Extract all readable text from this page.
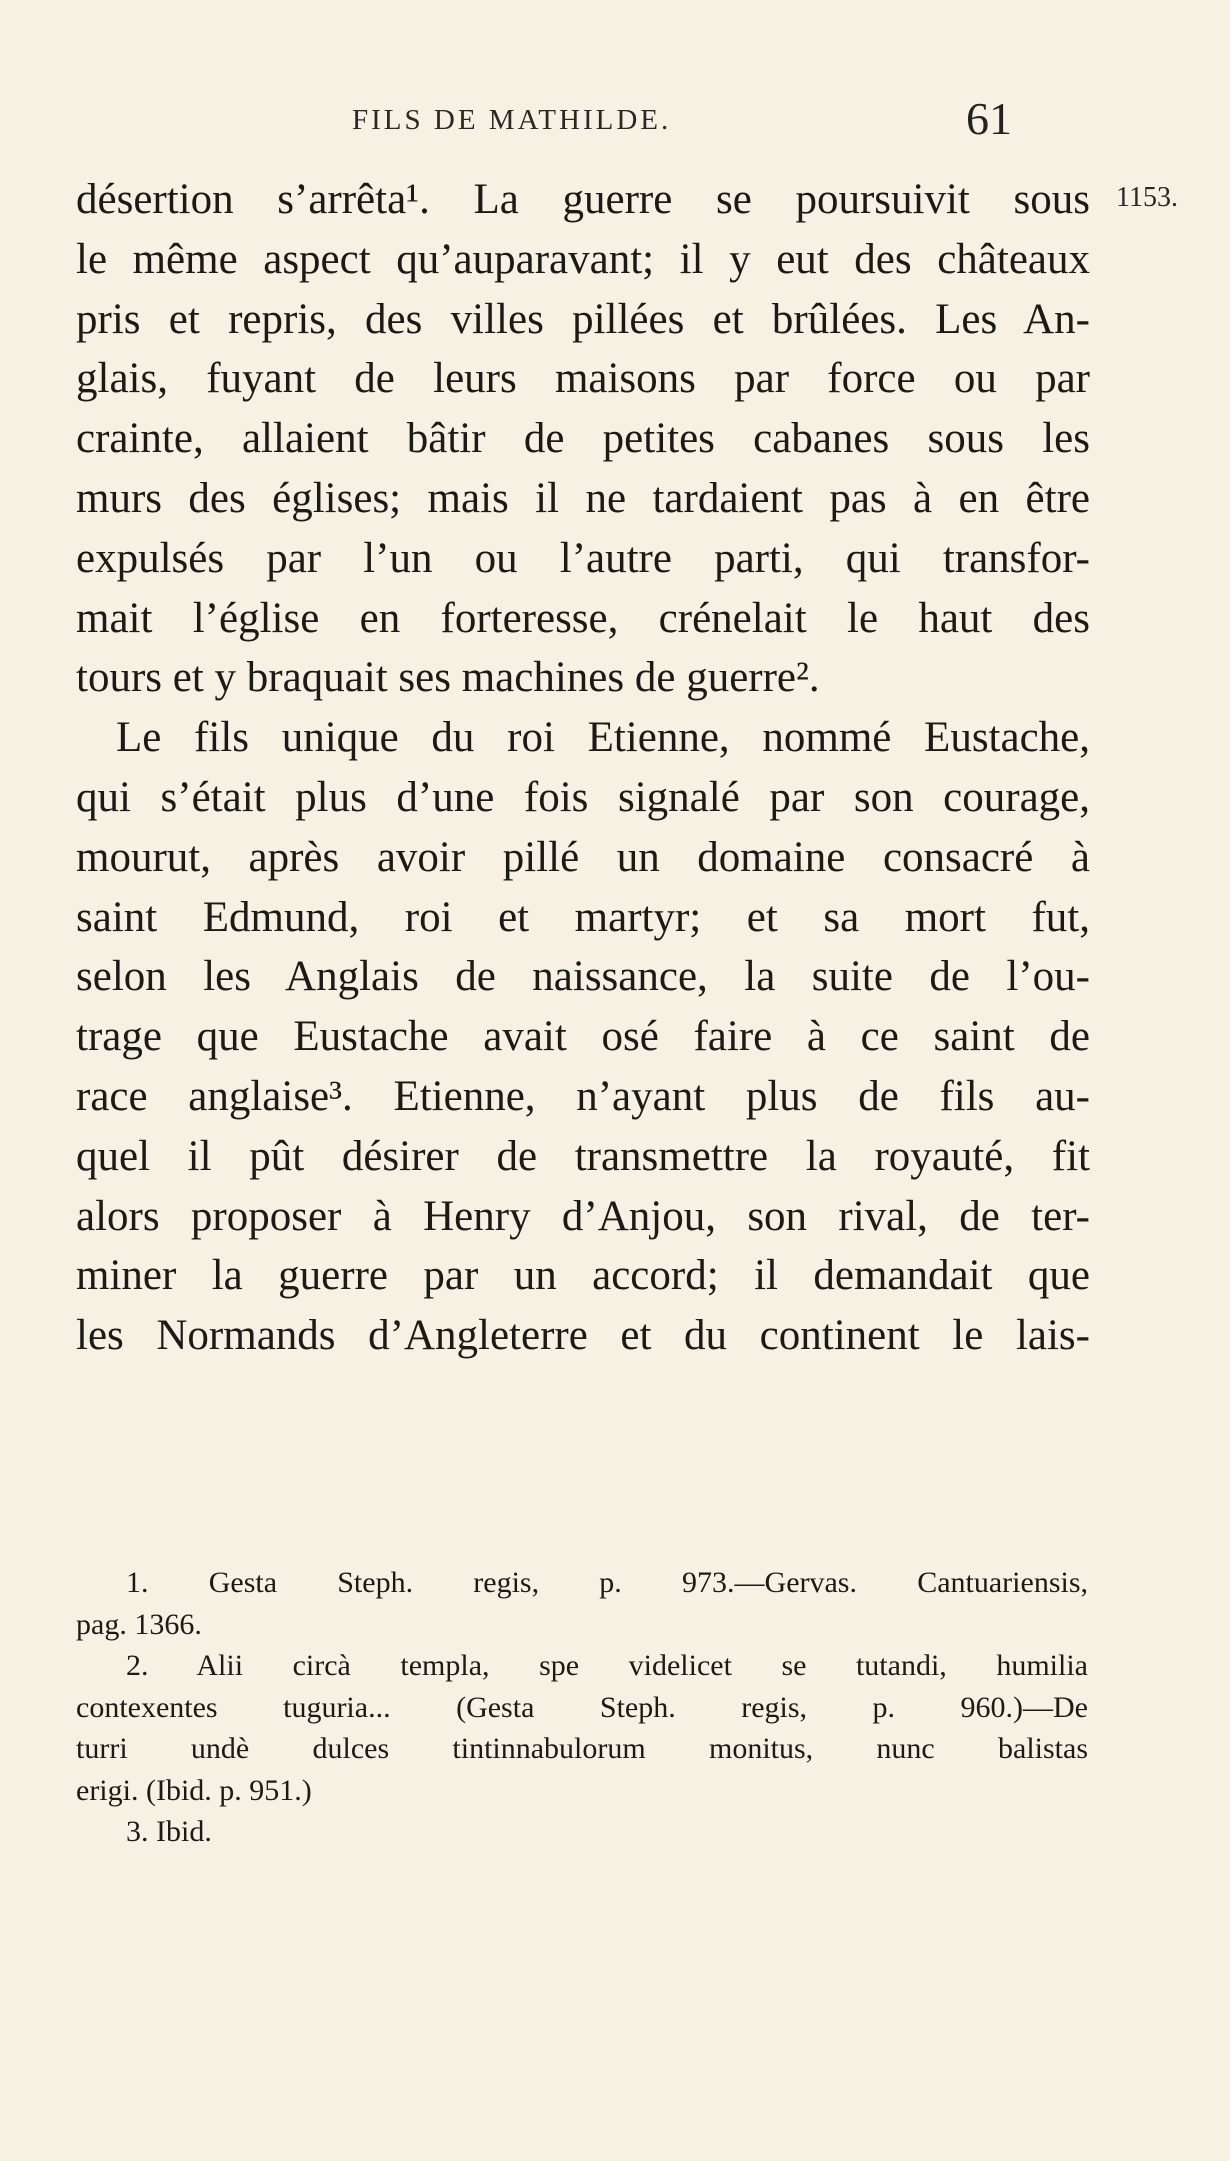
FILS DE MATHILDE.	61
1153.
désertion s’arrêta¹. La guerre se poursuivit sous
le même aspect qu’auparavant; il y eut des châteaux
pris et repris, des villes pillées et brûlées. Les An-
glais, fuyant de leurs maisons par force ou par
crainte, allaient bâtir de petites cabanes sous les
murs des églises; mais il ne tardaient pas à en être
expulsés par l’un ou l’autre parti, qui transfor-
mait l’église en forteresse, crénelait le haut des
tours et y braquait ses machines de guerre².
Le fils unique du roi Etienne, nommé Eustache,
qui s’était plus d’une fois signalé par son courage,
mourut, après avoir pillé un domaine consacré à
saint Edmund, roi et martyr; et sa mort fut,
selon les Anglais de naissance, la suite de l’ou-
trage que Eustache avait osé faire à ce saint de
race anglaise³. Etienne, n’ayant plus de fils au-
quel il pût désirer de transmettre la royauté, fit
alors proposer à Henry d’Anjou, son rival, de ter-
miner la guerre par un accord; il demandait que
les Normands d’Angleterre et du continent le lais-
1. Gesta Steph. regis, p. 973.—Gervas. Cantuariensis,
pag. 1366.
2. Alii circà templa, spe videlicet se tutandi, humilia
contexentes tuguria... (Gesta Steph. regis, p. 960.)—De
turri undè dulces tintinnabulorum monitus, nunc balistas
erigi. (Ibid. p. 951.)
3. Ibid.
